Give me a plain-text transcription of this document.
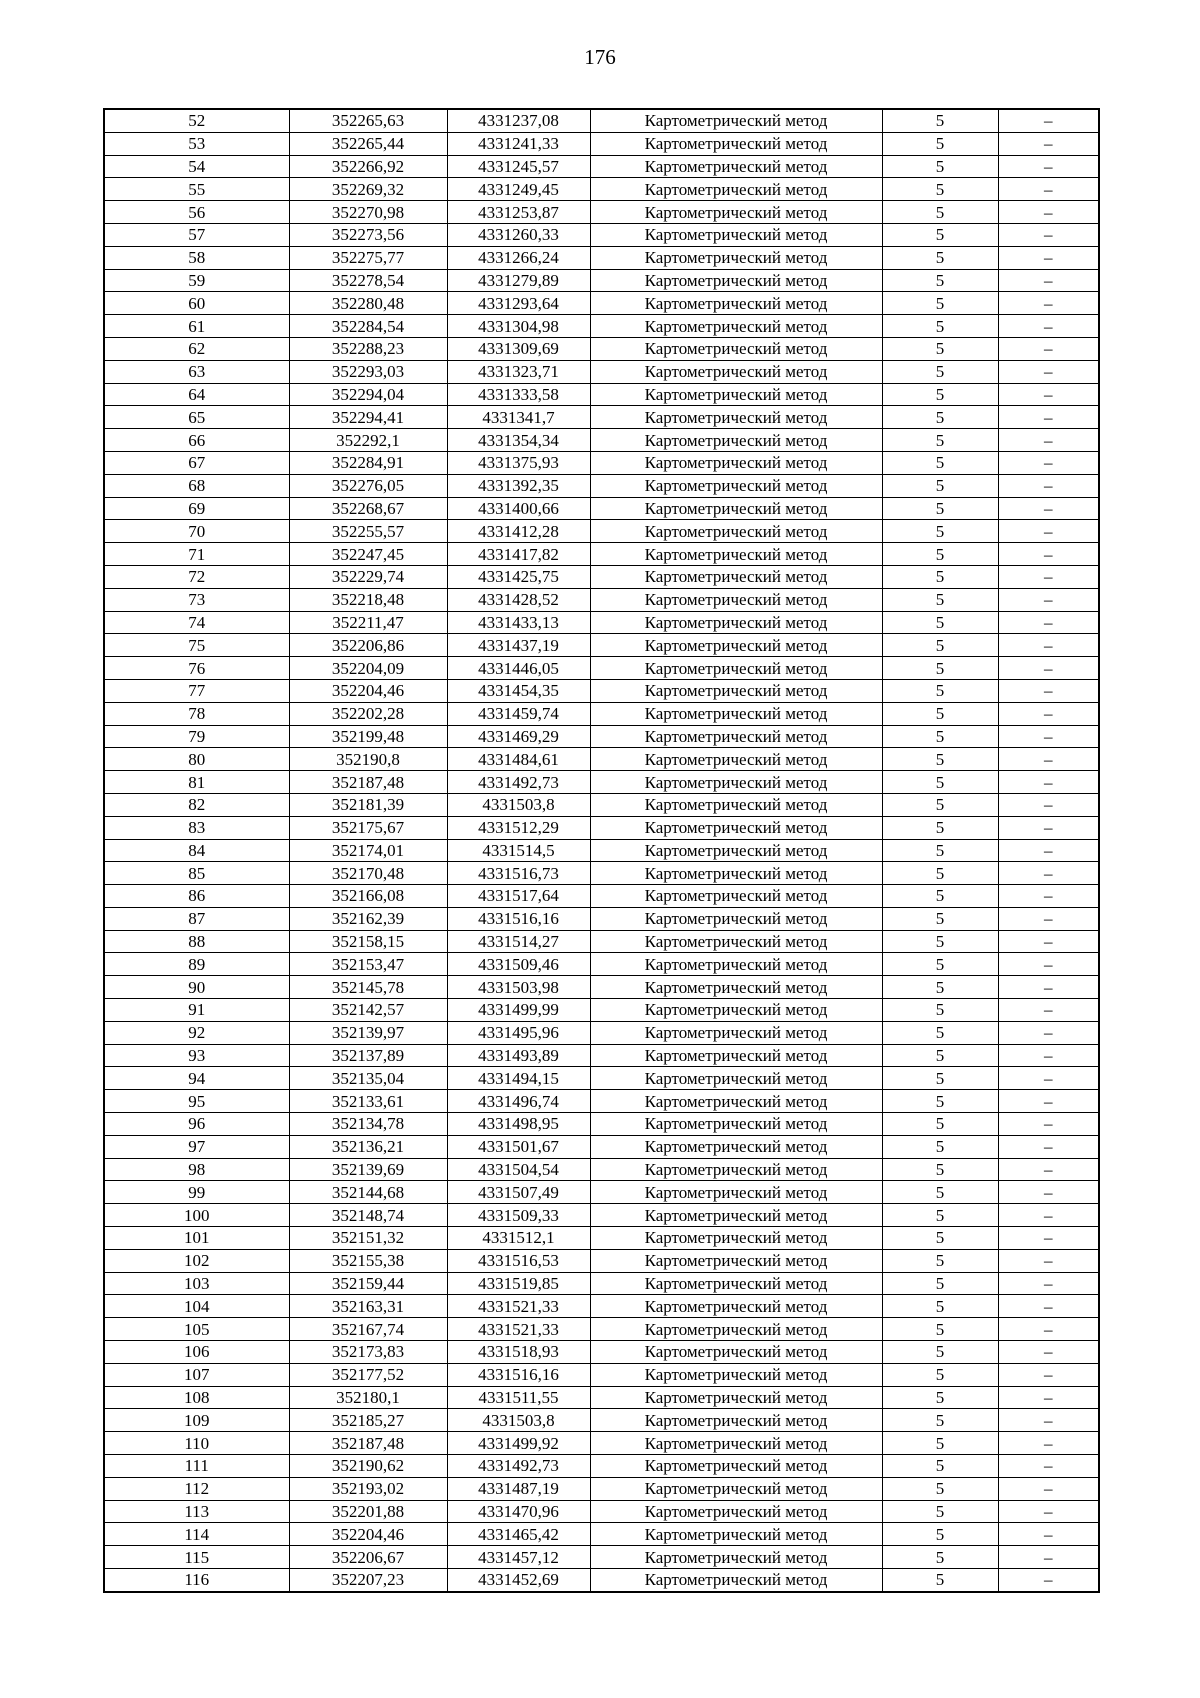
176
52	352265,63	4331237,08	Картометрический метод	5	–
53	352265,44	4331241,33	Картометрический метод	5	–
54	352266,92	4331245,57	Картометрический метод	5	–
55	352269,32	4331249,45	Картометрический метод	5	–
56	352270,98	4331253,87	Картометрический метод	5	–
57	352273,56	4331260,33	Картометрический метод	5	–
58	352275,77	4331266,24	Картометрический метод	5	–
59	352278,54	4331279,89	Картометрический метод	5	–
60	352280,48	4331293,64	Картометрический метод	5	–
61	352284,54	4331304,98	Картометрический метод	5	–
62	352288,23	4331309,69	Картометрический метод	5	–
63	352293,03	4331323,71	Картометрический метод	5	–
64	352294,04	4331333,58	Картометрический метод	5	–
65	352294,41	4331341,7	Картометрический метод	5	–
66	352292,1	4331354,34	Картометрический метод	5	–
67	352284,91	4331375,93	Картометрический метод	5	–
68	352276,05	4331392,35	Картометрический метод	5	–
69	352268,67	4331400,66	Картометрический метод	5	–
70	352255,57	4331412,28	Картометрический метод	5	–
71	352247,45	4331417,82	Картометрический метод	5	–
72	352229,74	4331425,75	Картометрический метод	5	–
73	352218,48	4331428,52	Картометрический метод	5	–
74	352211,47	4331433,13	Картометрический метод	5	–
75	352206,86	4331437,19	Картометрический метод	5	–
76	352204,09	4331446,05	Картометрический метод	5	–
77	352204,46	4331454,35	Картометрический метод	5	–
78	352202,28	4331459,74	Картометрический метод	5	–
79	352199,48	4331469,29	Картометрический метод	5	–
80	352190,8	4331484,61	Картометрический метод	5	–
81	352187,48	4331492,73	Картометрический метод	5	–
82	352181,39	4331503,8	Картометрический метод	5	–
83	352175,67	4331512,29	Картометрический метод	5	–
84	352174,01	4331514,5	Картометрический метод	5	–
85	352170,48	4331516,73	Картометрический метод	5	–
86	352166,08	4331517,64	Картометрический метод	5	–
87	352162,39	4331516,16	Картометрический метод	5	–
88	352158,15	4331514,27	Картометрический метод	5	–
89	352153,47	4331509,46	Картометрический метод	5	–
90	352145,78	4331503,98	Картометрический метод	5	–
91	352142,57	4331499,99	Картометрический метод	5	–
92	352139,97	4331495,96	Картометрический метод	5	–
93	352137,89	4331493,89	Картометрический метод	5	–
94	352135,04	4331494,15	Картометрический метод	5	–
95	352133,61	4331496,74	Картометрический метод	5	–
96	352134,78	4331498,95	Картометрический метод	5	–
97	352136,21	4331501,67	Картометрический метод	5	–
98	352139,69	4331504,54	Картометрический метод	5	–
99	352144,68	4331507,49	Картометрический метод	5	–
100	352148,74	4331509,33	Картометрический метод	5	–
101	352151,32	4331512,1	Картометрический метод	5	–
102	352155,38	4331516,53	Картометрический метод	5	–
103	352159,44	4331519,85	Картометрический метод	5	–
104	352163,31	4331521,33	Картометрический метод	5	–
105	352167,74	4331521,33	Картометрический метод	5	–
106	352173,83	4331518,93	Картометрический метод	5	–
107	352177,52	4331516,16	Картометрический метод	5	–
108	352180,1	4331511,55	Картометрический метод	5	–
109	352185,27	4331503,8	Картометрический метод	5	–
110	352187,48	4331499,92	Картометрический метод	5	–
111	352190,62	4331492,73	Картометрический метод	5	–
112	352193,02	4331487,19	Картометрический метод	5	–
113	352201,88	4331470,96	Картометрический метод	5	–
114	352204,46	4331465,42	Картометрический метод	5	–
115	352206,67	4331457,12	Картометрический метод	5	–
116	352207,23	4331452,69	Картометрический метод	5	–
